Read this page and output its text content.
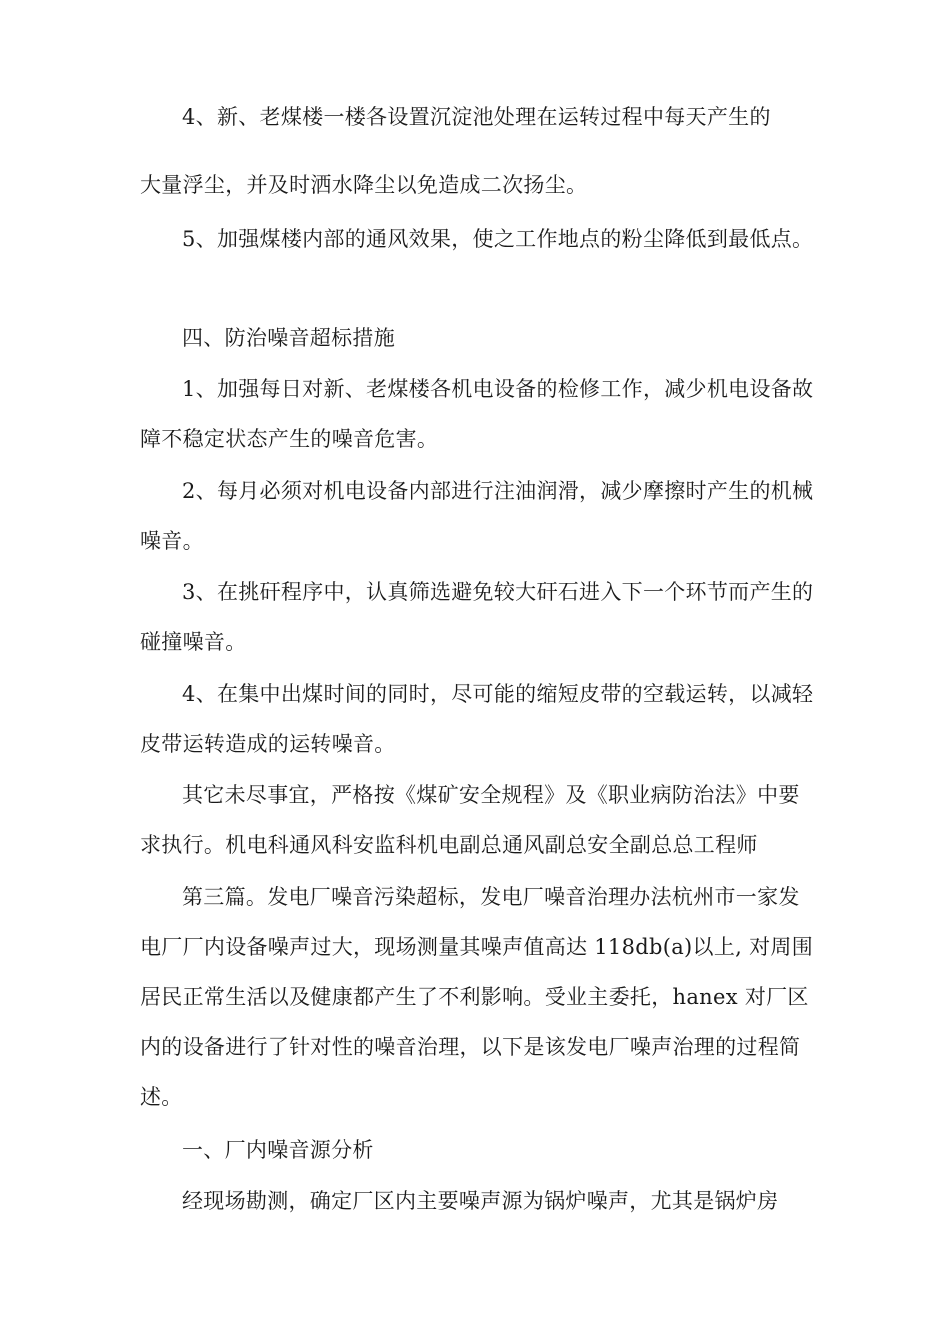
4、新、老煤楼一楼各设置沉淀池处理在运转过程中每天产生的

大量浮尘，并及时洒水降尘以免造成二次扬尘。

5、加强煤楼内部的通风效果，使之工作地点的粉尘降低到最低点。

四、防治噪音超标措施

1、加强每日对新、老煤楼各机电设备的检修工作，减少机电设备故障不稳定状态产生的噪音危害。

2、每月必须对机电设备内部进行注油润滑，减少摩擦时产生的机械噪音。

3、在挑矸程序中，认真筛选避免较大矸石进入下一个环节而产生的碰撞噪音。

4、在集中出煤时间的同时，尽可能的缩短皮带的空载运转，以减轻皮带运转造成的运转噪音。

其它未尽事宜，严格按《煤矿安全规程》及《职业病防治法》中要求执行。机电科通风科安监科机电副总通风副总安全副总总工程师

第三篇。发电厂噪音污染超标，发电厂噪音治理办法杭州市一家发电厂厂内设备噪声过大，现场测量其噪声值高达 118db(a)以上, 对周围居民正常生活以及健康都产生了不利影响。受业主委托，hanex 对厂区内的设备进行了针对性的噪音治理，以下是该发电厂噪声治理的过程简述。

一、厂内噪音源分析

经现场勘测，确定厂区内主要噪声源为锅炉噪声，尤其是锅炉房
